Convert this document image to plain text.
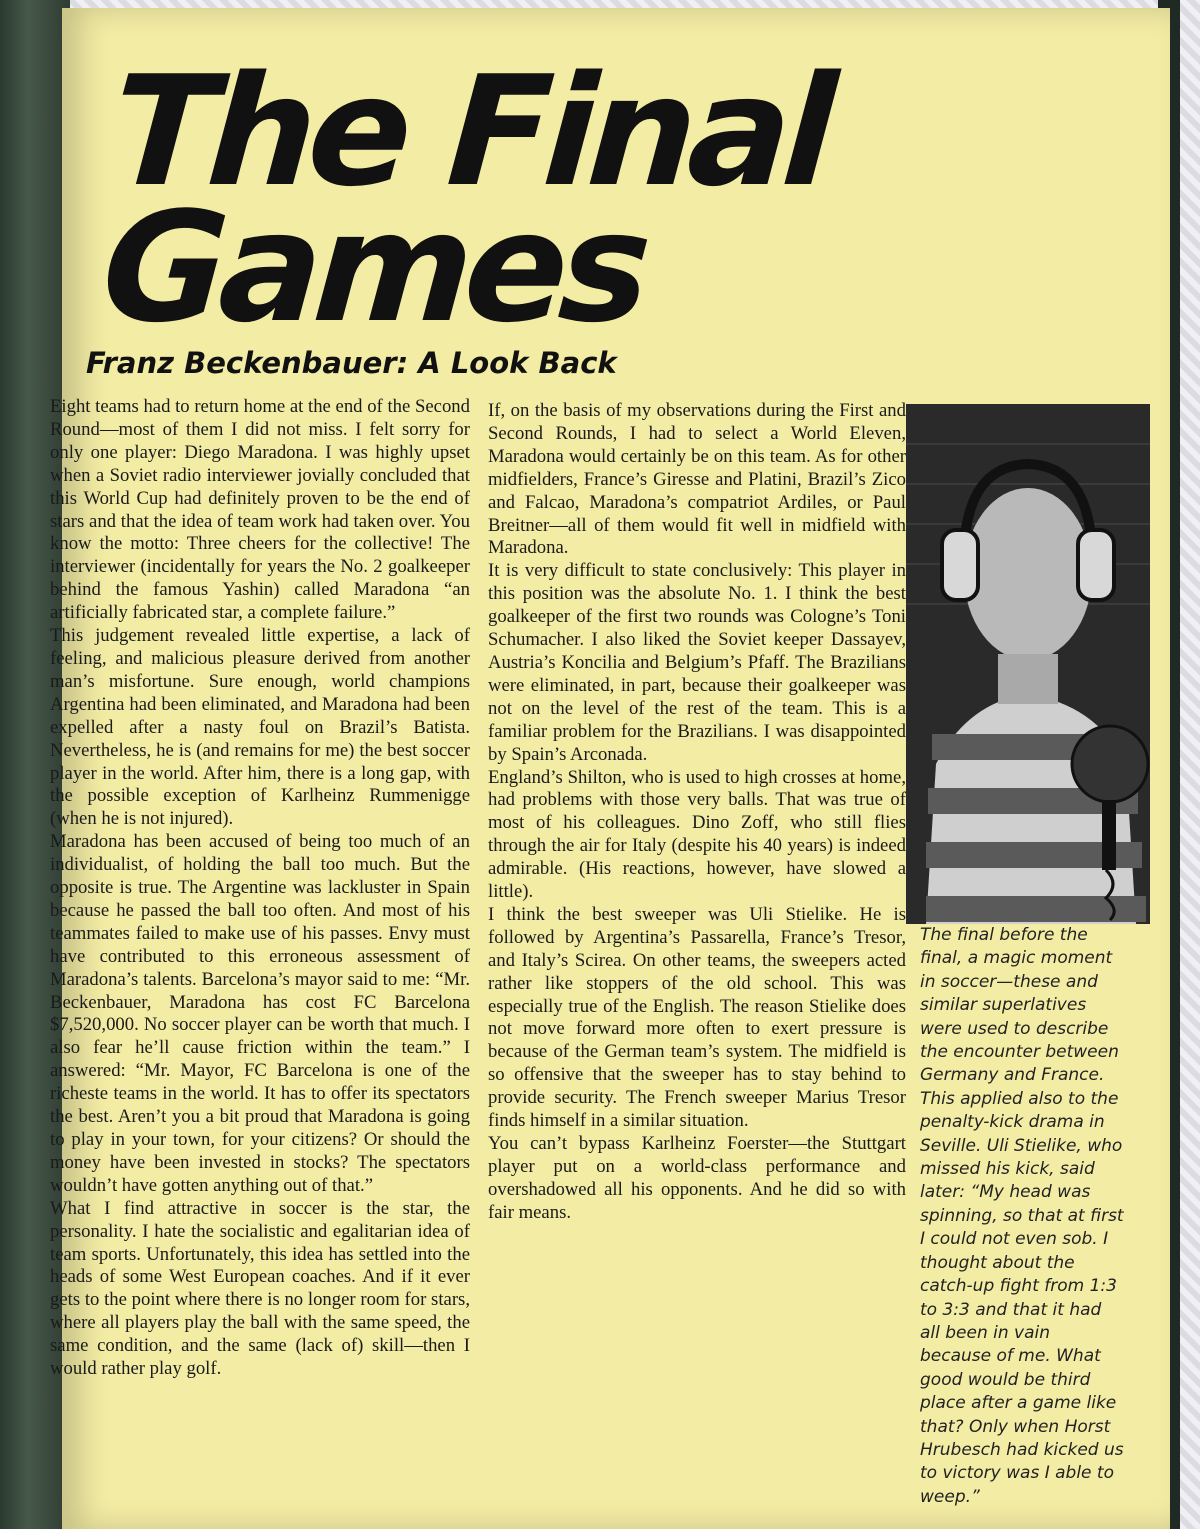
The Final
Games
Franz Beckenbauer: A Look Back

Eight teams had to return home at the end of the Second Round—most of them I did not miss. I felt sorry for only one player: Diego Maradona. I was highly upset when a Soviet radio interviewer jovially concluded that this World Cup had definitely proven to be the end of stars and that the idea of team work had taken over. You know the motto: Three cheers for the collective! The interviewer (incidentally for years the No. 2 goalkeeper behind the famous Yashin) called Maradona “an artificially fabricated star, a complete failure.”

This judgement revealed little expertise, a lack of feeling, and malicious pleasure derived from another man’s misfortune. Sure enough, world champions Argentina had been eliminated, and Maradona had been expelled after a nasty foul on Brazil’s Batista. Nevertheless, he is (and remains for me) the best soccer player in the world. After him, there is a long gap, with the possible exception of Karlheinz Rummenigge (when he is not injured).

Maradona has been accused of being too much of an individualist, of holding the ball too much. But the opposite is true. The Argentine was lackluster in Spain because he passed the ball too often. And most of his teammates failed to make use of his passes. Envy must have contributed to this erroneous assessment of Maradona’s talents. Barcelona’s mayor said to me: “Mr. Beckenbauer, Maradona has cost FC Barcelona $7,520,000. No soccer player can be worth that much. I also fear he’ll cause friction within the team.” I answered: “Mr. Mayor, FC Barcelona is one of the richeste teams in the world. It has to offer its spectators the best. Aren’t you a bit proud that Maradona is going to play in your town, for your citizens? Or should the money have been invested in stocks? The spectators wouldn’t have gotten anything out of that.”

What I find attractive in soccer is the star, the personality. I hate the socialistic and egalitarian idea of team sports. Unfortunately, this idea has settled into the heads of some West European coaches. And if it ever gets to the point where there is no longer room for stars, where all players play the ball with the same speed, the same condition, and the same (lack of) skill—then I would rather play golf.

If, on the basis of my observations during the First and Second Rounds, I had to select a World Eleven, Maradona would certainly be on this team. As for other midfielders, France’s Giresse and Platini, Brazil’s Zico and Falcao, Maradona’s compatriot Ardiles, or Paul Breitner—all of them would fit well in midfield with Maradona.

It is very difficult to state conclusively: This player in this position was the absolute No. 1. I think the best goalkeeper of the first two rounds was Cologne’s Toni Schumacher. I also liked the Soviet keeper Dassayev, Austria’s Koncilia and Belgium’s Pfaff. The Brazilians were eliminated, in part, because their goalkeeper was not on the level of the rest of the team. This is a familiar problem for the Brazilians. I was disappointed by Spain’s Arconada.

England’s Shilton, who is used to high crosses at home, had problems with those very balls. That was true of most of his colleagues. Dino Zoff, who still flies through the air for Italy (despite his 40 years) is indeed admirable. (His reactions, however, have slowed a little).

I think the best sweeper was Uli Stielike. He is followed by Argentina’s Passarella, France’s Tresor, and Italy’s Scirea. On other teams, the sweepers acted rather like stoppers of the old school. This was especially true of the English. The reason Stielike does not move forward more often to exert pressure is because of the German team’s system. The midfield is so offensive that the sweeper has to stay behind to provide security. The French sweeper Marius Tresor finds himself in a similar situation.

You can’t bypass Karlheinz Foerster—the Stuttgart player put on a world-class performance and overshadowed all his opponents. And he did so with fair means.

The final before the final, a magic moment in soccer—these and similar superlatives were used to describe the encounter between Germany and France. This applied also to the penalty-kick drama in Seville. Uli Stielike, who missed his kick, said later: “My head was spinning, so that at first I could not even sob. I thought about the catch-up fight from 1:3 to 3:3 and that it had all been in vain because of me. What good would be third place after a game like that? Only when Horst Hrubesch had kicked us to victory was I able to weep.”
